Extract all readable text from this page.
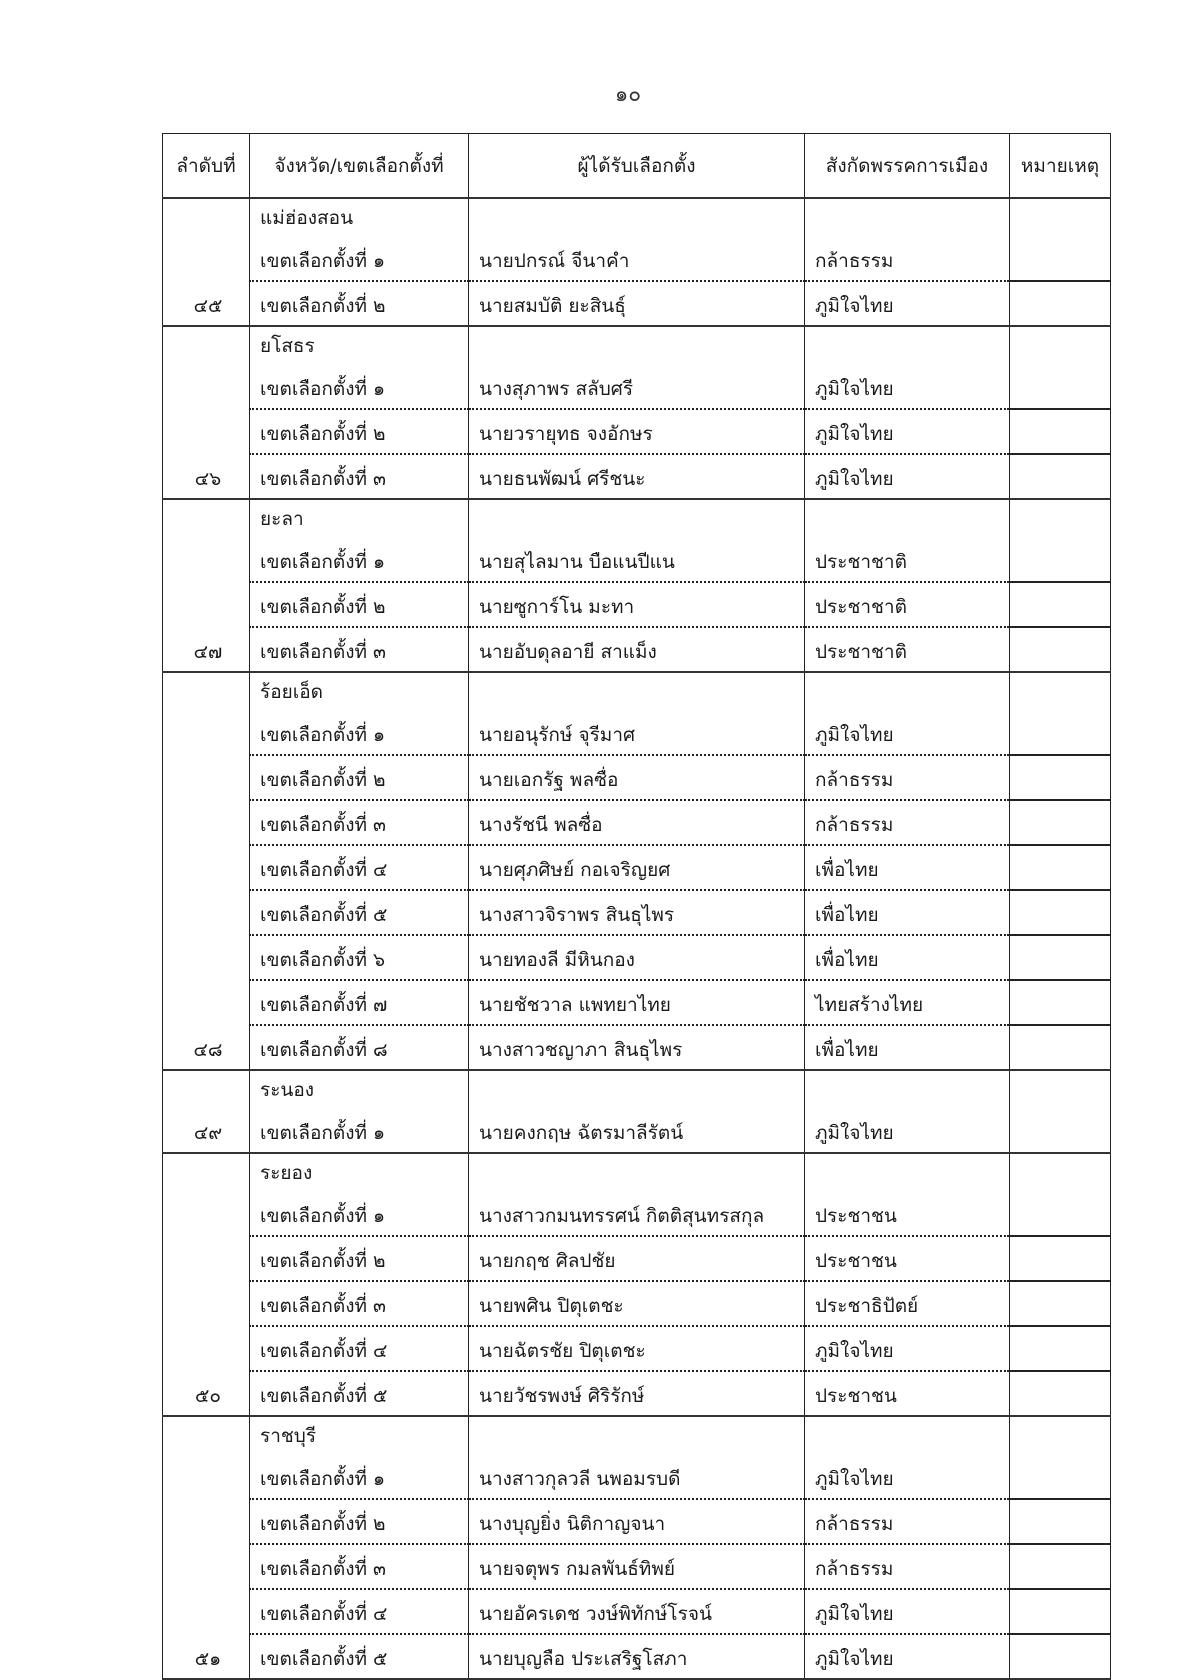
๑๐
ลำดับที่	จังหวัด/เขตเลือกตั้งที่	ผู้ได้รับเลือกตั้ง	สังกัดพรรคการเมือง	หมายเหตุ
๔๕	แม่ฮ่องสอน			
	เขตเลือกตั้งที่ ๑	นายปกรณ์ จีนาคำ	กล้าธรรม	
	เขตเลือกตั้งที่ ๒	นายสมบัติ ยะสินธุ์	ภูมิใจไทย	
๔๖	ยโสธร			
	เขตเลือกตั้งที่ ๑	นางสุภาพร สลับศรี	ภูมิใจไทย	
	เขตเลือกตั้งที่ ๒	นายวรายุทธ จงอักษร	ภูมิใจไทย	
	เขตเลือกตั้งที่ ๓	นายธนพัฒน์ ศรีชนะ	ภูมิใจไทย	
๔๗	ยะลา			
	เขตเลือกตั้งที่ ๑	นายสุไลมาน บือแนปีแน	ประชาชาติ	
	เขตเลือกตั้งที่ ๒	นายซูการ์โน มะทา	ประชาชาติ	
	เขตเลือกตั้งที่ ๓	นายอับดุลอายี สาแม็ง	ประชาชาติ	
๔๘	ร้อยเอ็ด			
	เขตเลือกตั้งที่ ๑	นายอนุรักษ์ จุรีมาศ	ภูมิใจไทย	
	เขตเลือกตั้งที่ ๒	นายเอกรัฐ พลซื่อ	กล้าธรรม	
	เขตเลือกตั้งที่ ๓	นางรัชนี พลซื่อ	กล้าธรรม	
	เขตเลือกตั้งที่ ๔	นายศุภศิษย์ กอเจริญยศ	เพื่อไทย	
	เขตเลือกตั้งที่ ๕	นางสาวจิราพร สินธุไพร	เพื่อไทย	
	เขตเลือกตั้งที่ ๖	นายทองลี มีหินกอง	เพื่อไทย	
	เขตเลือกตั้งที่ ๗	นายชัชวาล แพทยาไทย	ไทยสร้างไทย	
	เขตเลือกตั้งที่ ๘	นางสาวชญาภา สินธุไพร	เพื่อไทย	
๔๙	ระนอง			
	เขตเลือกตั้งที่ ๑	นายคงกฤษ ฉัตรมาลีรัตน์	ภูมิใจไทย	
๕๐	ระยอง			
	เขตเลือกตั้งที่ ๑	นางสาวกมนทรรศน์ กิตติสุนทรสกุล	ประชาชน	
	เขตเลือกตั้งที่ ๒	นายกฤช ศิลปชัย	ประชาชน	
	เขตเลือกตั้งที่ ๓	นายพศิน ปิตุเตชะ	ประชาธิปัตย์	
	เขตเลือกตั้งที่ ๔	นายฉัตรชัย ปิตุเตชะ	ภูมิใจไทย	
	เขตเลือกตั้งที่ ๕	นายวัชรพงษ์ ศิริรักษ์	ประชาชน	
๕๑	ราชบุรี			
	เขตเลือกตั้งที่ ๑	นางสาวกุลวลี นพอมรบดี	ภูมิใจไทย	
	เขตเลือกตั้งที่ ๒	นางบุญยิ่ง นิติกาญจนา	กล้าธรรม	
	เขตเลือกตั้งที่ ๓	นายจตุพร กมลพันธ์ทิพย์	กล้าธรรม	
	เขตเลือกตั้งที่ ๔	นายอัครเดช วงษ์พิทักษ์โรจน์	ภูมิใจไทย	
	เขตเลือกตั้งที่ ๕	นายบุญลือ ประเสริฐโสภา	ภูมิใจไทย	
